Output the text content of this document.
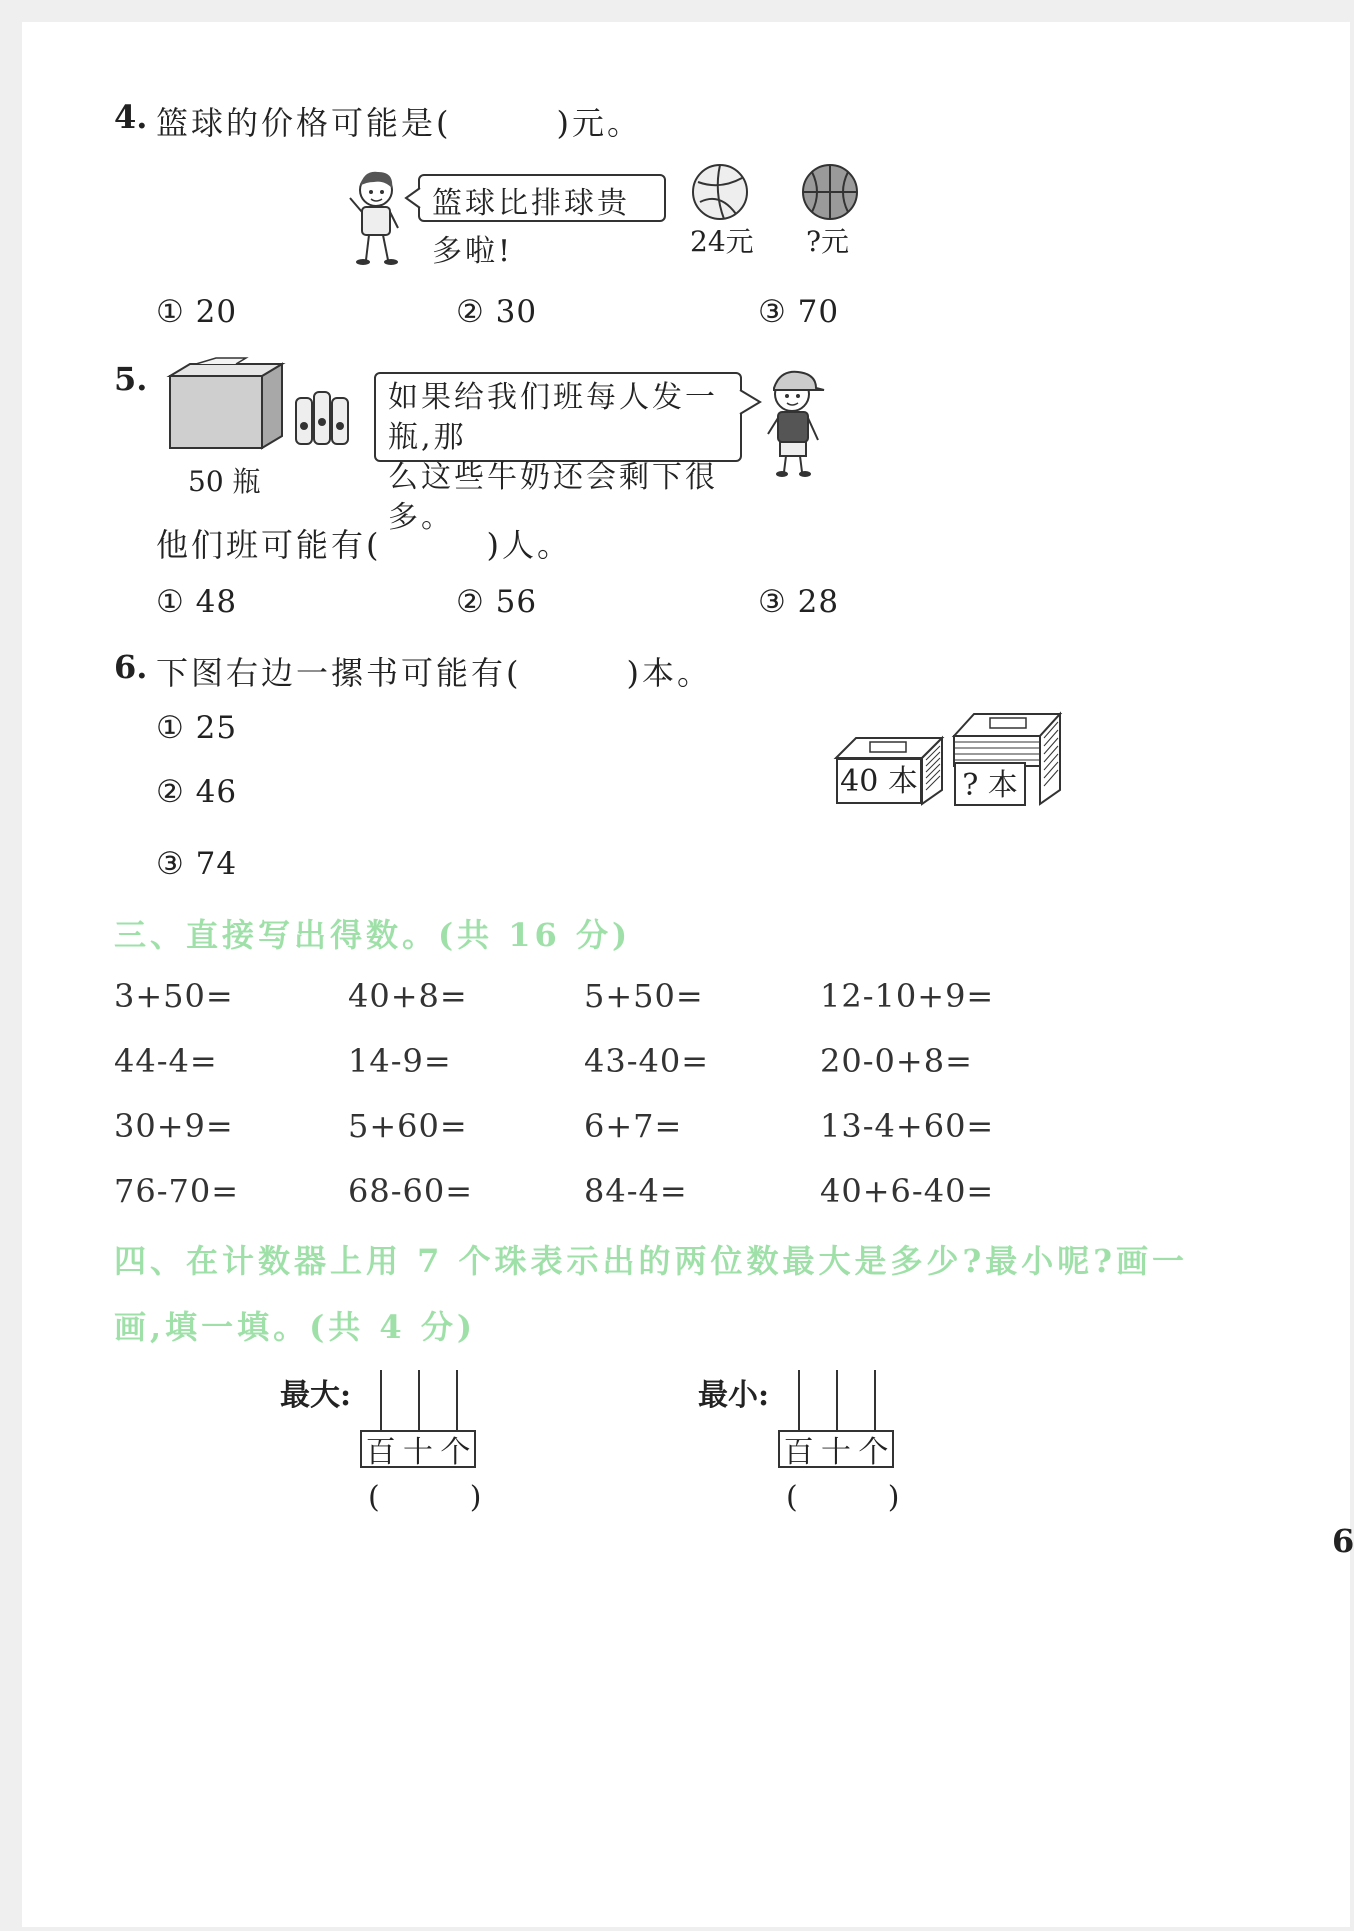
4. 篮球的价格可能是(　　　)元。
篮球比排球贵多啦!	24元 ?元
① 20	② 30	③ 70
5.
50 瓶
如果给我们班每人发一瓶,那
么这些牛奶还会剩下很多。
他们班可能有(　　　)人。
① 48	② 56	③ 28
6. 下图右边一摞书可能有(　　　)本。
① 25
② 46
③ 74
40 本 ? 本
三、直接写出得数。(共 16 分)
3+50=	40+8=	5+50=	12-10+9=
44-4=	14-9=	43-40=	20-0+8=
30+9=	5+60=	6+7=	13-4+60=
76-70=	68-60=	84-4=	40+6-40=
四、在计数器上用 7 个珠表示出的两位数最大是多少?最小呢?画一
画,填一填。(共 4 分)
最大:
百 十 个
(　　　)
最小:
百 十 个
(　　　)
6
